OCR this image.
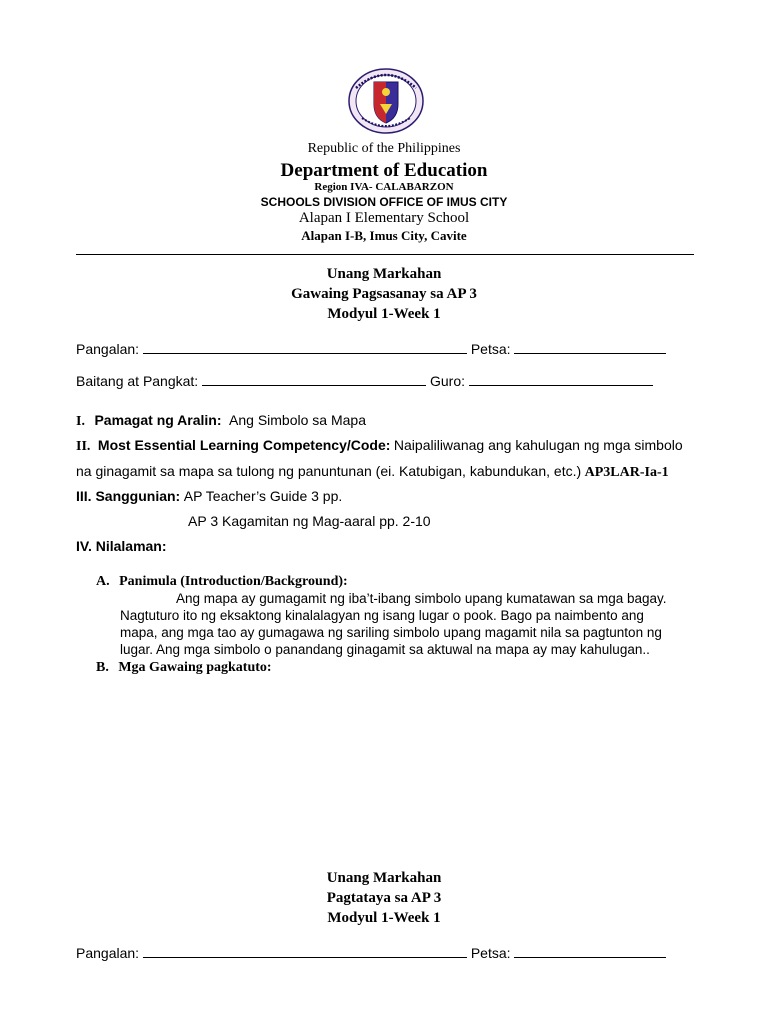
Republic of the Philippines
Department of Education
Region IVA- CALABARZON
SCHOOLS DIVISION OFFICE OF IMUS CITY
Alapan I Elementary School
Alapan I-B, Imus City, Cavite
Unang Markahan
Gawaing Pagsasanay sa AP 3
Modyul 1-Week 1
Pangalan:	Petsa:
Baitang at Pangkat:	Guro:
I. Pamagat ng Aralin: Ang Simbolo sa Mapa
II. Most Essential Learning Competency/Code: Naipaliliwanag ang kahulugan ng mga simbolo
na ginagamit sa mapa sa tulong ng panuntunan (ei. Katubigan, kabundukan, etc.) AP3LAR-Ia-1
III. Sanggunian: AP Teacher’s Guide 3 pp.
AP 3 Kagamitan ng Mag-aaral pp. 2-10
IV. Nilalaman:
A. Panimula (Introduction/Background):
Ang mapa ay gumagamit ng iba’t-ibang simbolo upang kumatawan sa mga bagay.
Nagtuturo ito ng eksaktong kinalalagyan ng isang lugar o pook. Bago pa naimbento ang
mapa, ang mga tao ay gumagawa ng sariling simbolo upang magamit nila sa pagtunton ng
lugar. Ang mga simbolo o panandang ginagamit sa aktuwal na mapa ay may kahulugan..
B. Mga Gawaing pagkatuto:
Unang Markahan
Pagtataya sa AP 3
Modyul 1-Week 1
Pangalan:	Petsa:
